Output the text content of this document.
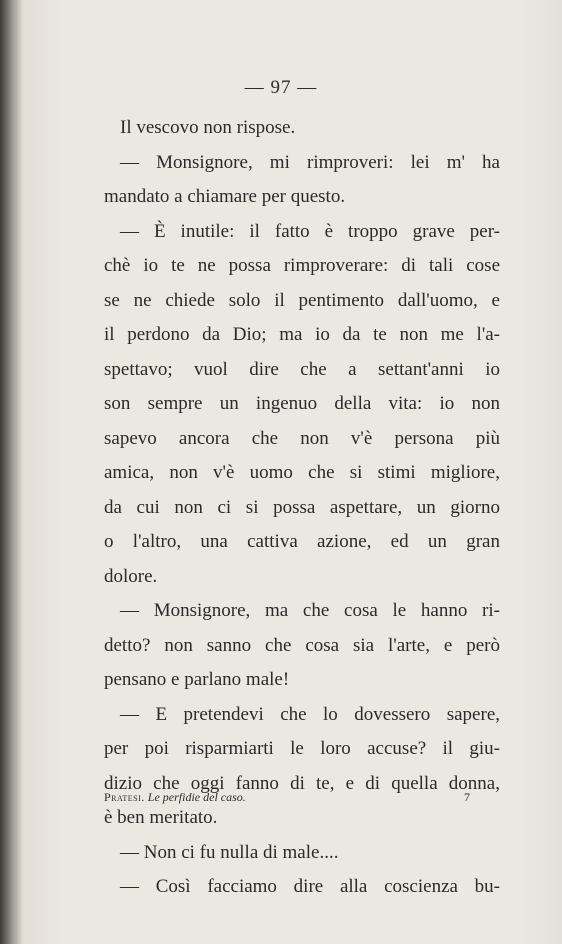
— 97 —
Il vescovo non rispose.
— Monsignore, mi rimproveri: lei m' ha
mandato a chiamare per questo.
— È inutile: il fatto è troppo grave per-
chè io te ne possa rimproverare: di tali cose
se ne chiede solo il pentimento dall'uomo, e
il perdono da Dio; ma io da te non me l'a-
spettavo; vuol dire che a settant'anni io
son sempre un ingenuo della vita: io non
sapevo ancora che non v'è persona più
amica, non v'è uomo che si stimi migliore,
da cui non ci si possa aspettare, un giorno
o l'altro, una cattiva azione, ed un gran
dolore.
— Monsignore, ma che cosa le hanno ri-
detto? non sanno che cosa sia l'arte, e però
pensano e parlano male!
— E pretendevi che lo dovessero sapere,
per poi risparmiarti le loro accuse? il giu-
dizio che oggi fanno di te, e di quella donna,
è ben meritato.
— Non ci fu nulla di male....
— Così facciamo dire alla coscienza bu-
Pratesi. Le perfidie del caso.	7
